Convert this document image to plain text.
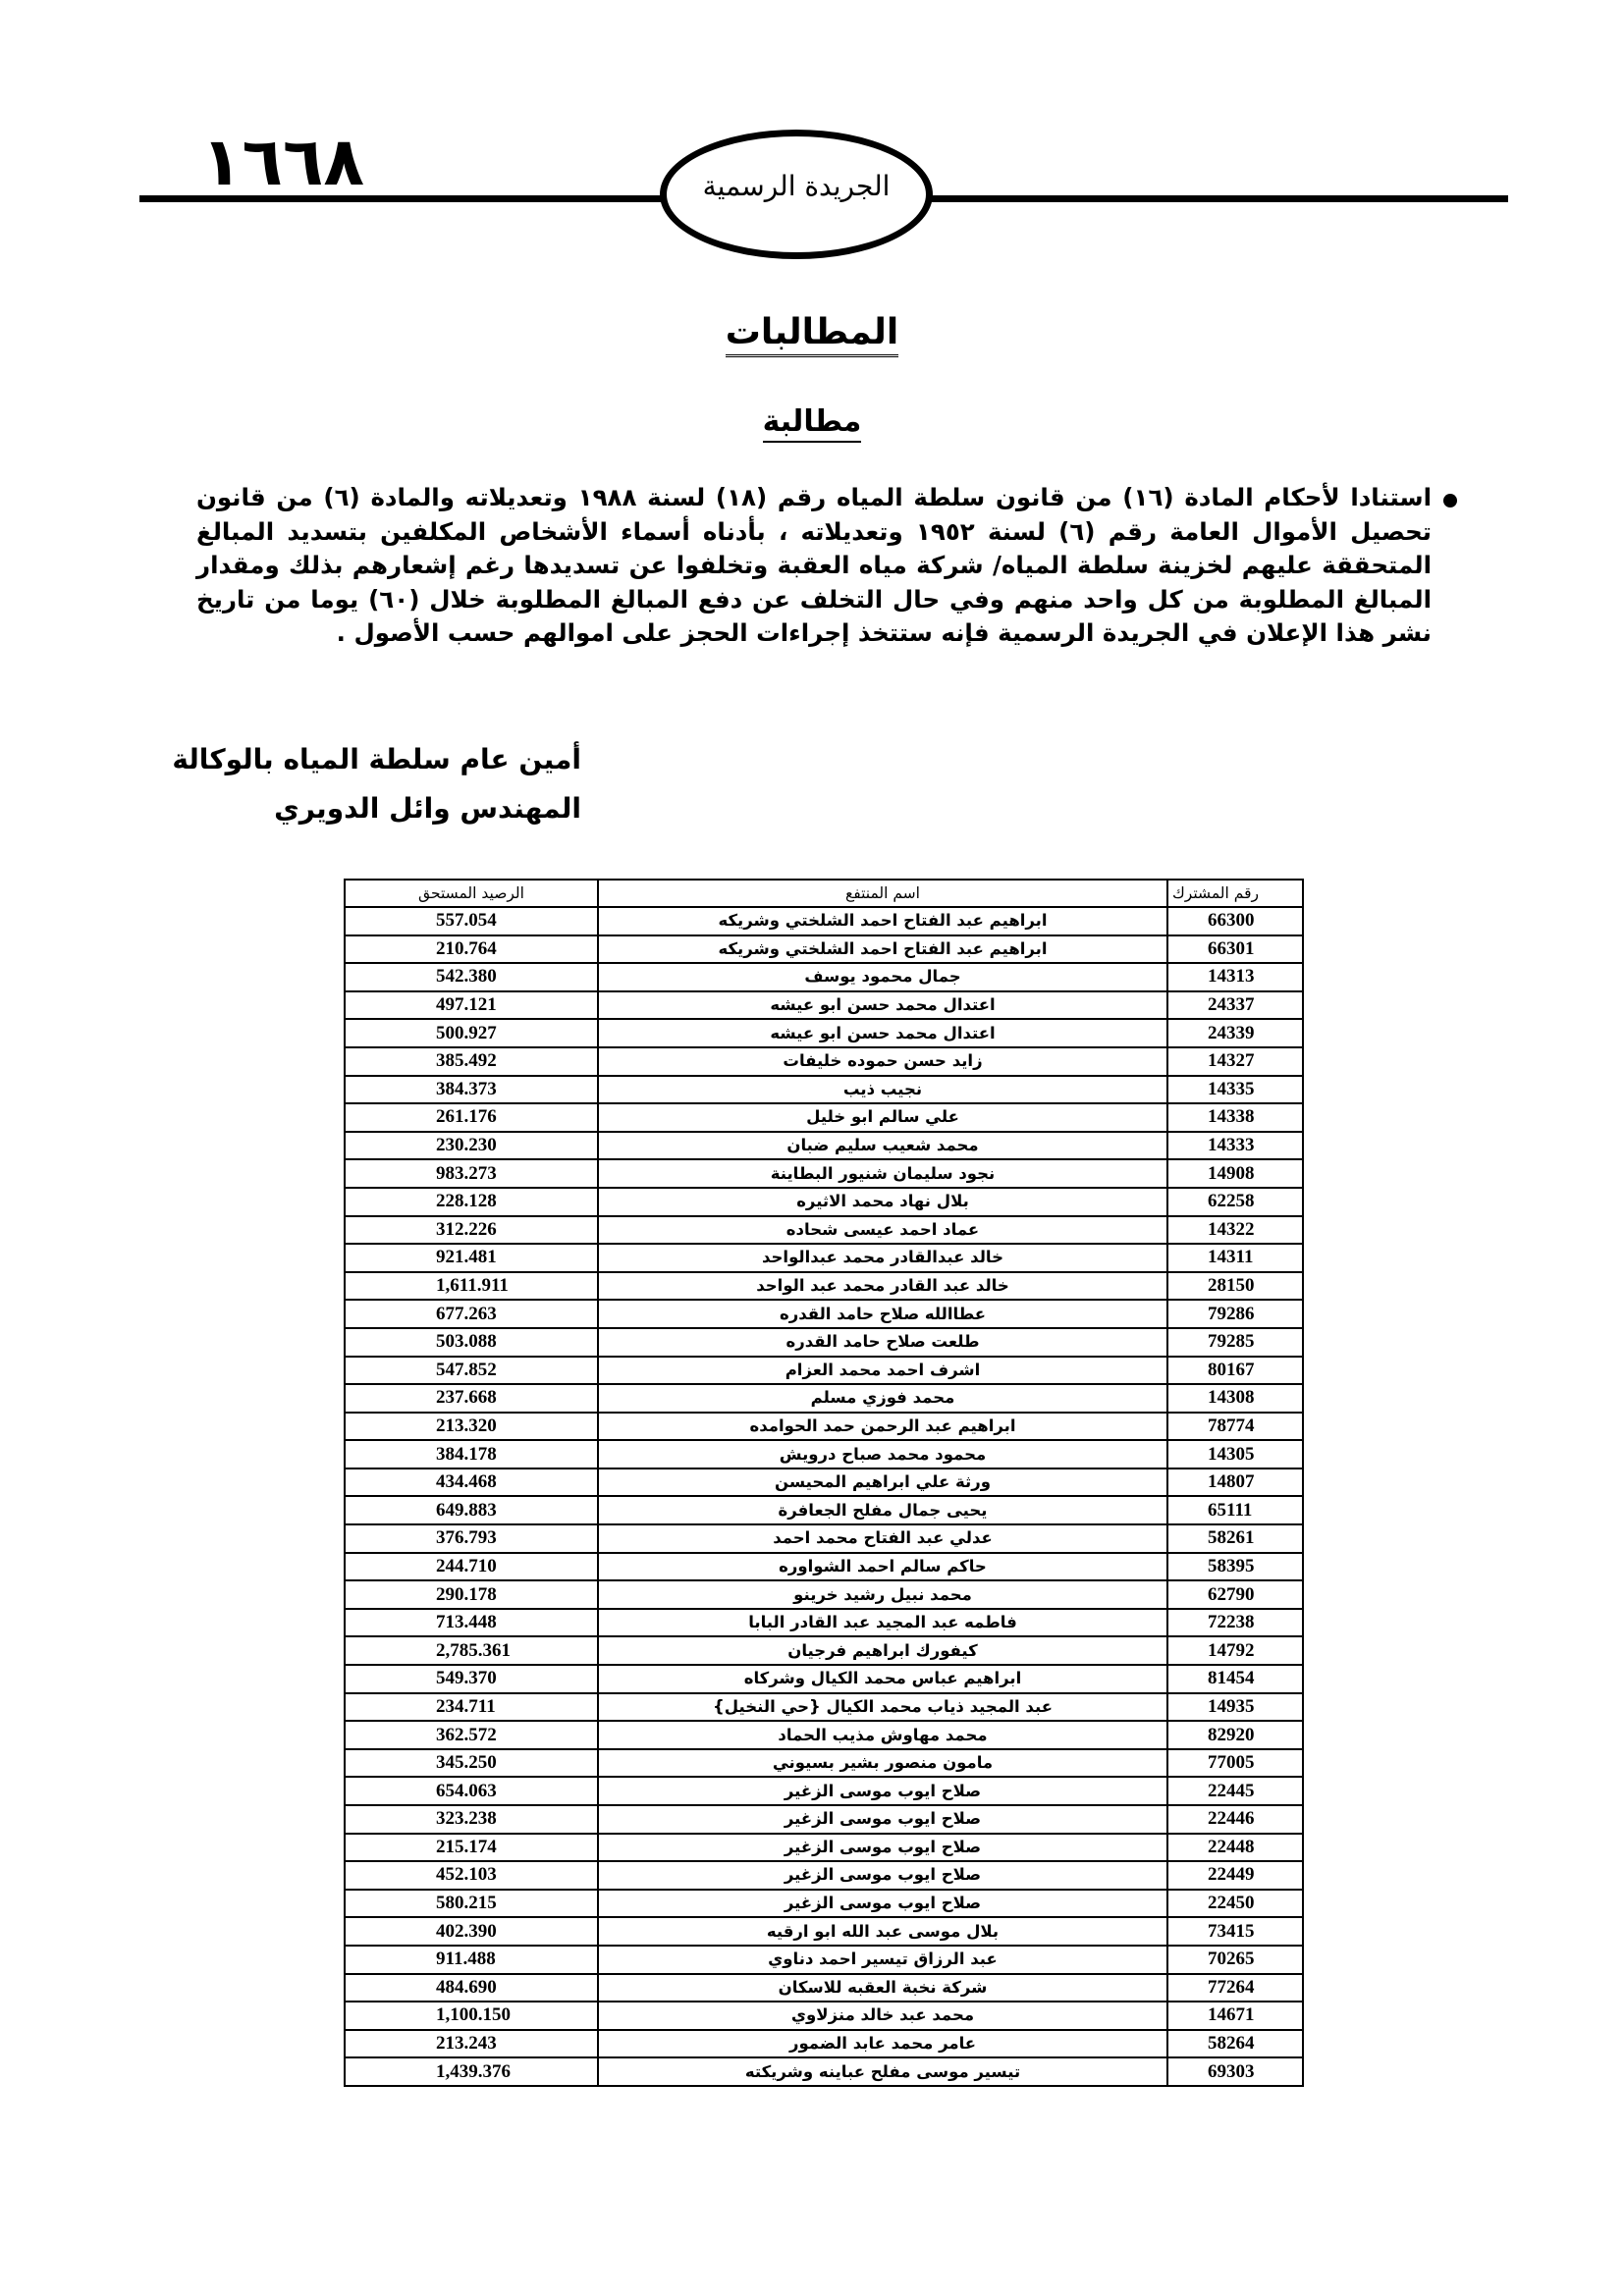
١٦٦٨	الجريدة الرسمية
المطالبات
مطالبة
استنادا لأحكام المادة (١٦) من قانون سلطة المياه رقم (١٨) لسنة ١٩٨٨ وتعديلاته والمادة (٦) من قانون تحصيل الأموال العامة رقم (٦) لسنة ١٩٥٢ وتعديلاته ، بأدناه أسماء الأشخاص المكلفين بتسديد المبالغ المتحققة عليهم لخزينة سلطة المياه/ شركة مياه العقبة وتخلفوا عن تسديدها رغم إشعارهم بذلك ومقدار المبالغ المطلوبة من كل واحد منهم وفي حال التخلف عن دفع المبالغ المطلوبة خلال (٦٠) يوما من تاريخ نشر هذا الإعلان في الجريدة الرسمية فإنه ستتخذ إجراءات الحجز على اموالهم حسب الأصول .
أمين عام سلطة المياه بالوكالة
المهندس وائل الدويري
الرصيد المستحق	اسم المنتفع	رقم المشترك
557.054	ابراهيم عبد الفتاح احمد الشلختي وشريكه	66300
210.764	ابراهيم عبد الفتاح احمد الشلختي وشريكه	66301
542.380	جمال محمود يوسف	14313
497.121	اعتدال محمد حسن ابو عيشه	24337
500.927	اعتدال محمد حسن ابو عيشه	24339
385.492	زايد حسن حموده خليفات	14327
384.373	نجيب ذيب	14335
261.176	علي سالم ابو خليل	14338
230.230	محمد شعيب سليم ضبان	14333
983.273	نجود سليمان شنيور البطاينة	14908
228.128	بلال نهاد محمد الاثيره	62258
312.226	عماد احمد عيسى شحاده	14322
921.481	خالد عبدالقادر محمد عبدالواحد	14311
1,611.911	خالد عبد القادر محمد عبد الواحد	28150
677.263	عطاالله صلاح حامد القدره	79286
503.088	طلعت صلاح حامد القدره	79285
547.852	اشرف احمد محمد العزام	80167
237.668	محمد فوزي مسلم	14308
213.320	ابراهيم عبد الرحمن حمد الحوامده	78774
384.178	محمود محمد صباح درويش	14305
434.468	ورثة علي ابراهيم المحيسن	14807
649.883	يحيى جمال مفلح الجعافرة	65111
376.793	عدلي عبد الفتاح محمد احمد	58261
244.710	حاكم سالم احمد الشواوره	58395
290.178	محمد نبيل رشيد خرينو	62790
713.448	فاطمه عبد المجيد عبد القادر البابا	72238
2,785.361	كيفورك ابراهيم فرجيان	14792
549.370	ابراهيم عباس محمد الكيال وشركاه	81454
234.711	عبد المجيد ذياب محمد الكيال {حي النخيل}	14935
362.572	محمد مهاوش مذيب الحماد	82920
345.250	مامون منصور بشير بسيوني	77005
654.063	صلاح ايوب موسى الزغير	22445
323.238	صلاح ايوب موسى الزغير	22446
215.174	صلاح ايوب موسى الزغير	22448
452.103	صلاح ايوب موسى الزغير	22449
580.215	صلاح ايوب موسى الزغير	22450
402.390	بلال موسى عبد الله ابو ارقيه	73415
911.488	عبد الرزاق تيسير احمد دناوي	70265
484.690	شركة نخبة العقبه للاسكان	77264
1,100.150	محمد عبد خالد منزلاوي	14671
213.243	عامر محمد عابد الضمور	58264
1,439.376	تيسير موسى مفلح عباينه وشريكته	69303
